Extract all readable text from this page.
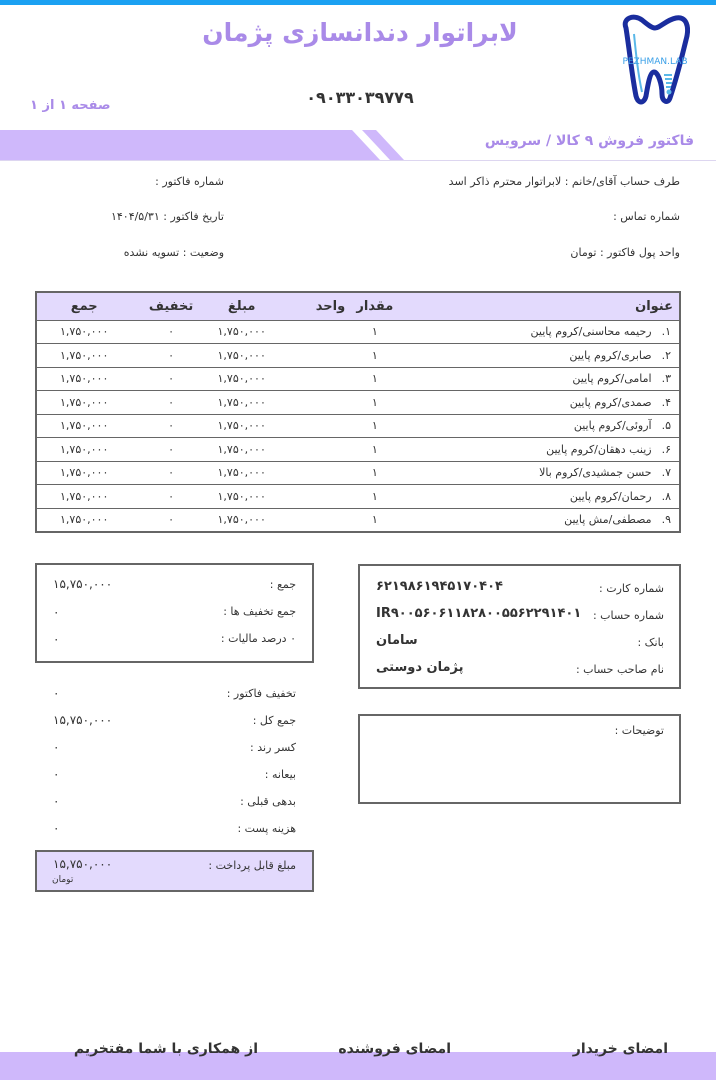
PEZHMAN.LAB
لابراتوار دندانسازی پژمان
۰۹۰۳۳۰۳۹۷۷۹
صفحه ۱ از ۱
فاکتور فروش ۹ کالا / سرویس
طرف حساب آقای/خانم : لابراتوار محترم ذاکر اسد
شماره تماس :
واحد پول فاکتور : تومان
شماره فاکتور :
تاریخ فاکتور : ۱۴۰۴/۵/۳۱
وضعیت : تسویه نشده
عنوان	مقدار	واحد	مبلغ	تخفیف	جمع
۱.رحیمه محاسنی/کروم پایین	۱		۱,۷۵۰,۰۰۰	۰	۱,۷۵۰,۰۰۰
۲.صابری/کروم پایین	۱		۱,۷۵۰,۰۰۰	۰	۱,۷۵۰,۰۰۰
۳.امامی/کروم پایین	۱		۱,۷۵۰,۰۰۰	۰	۱,۷۵۰,۰۰۰
۴.صمدی/کروم پایین	۱		۱,۷۵۰,۰۰۰	۰	۱,۷۵۰,۰۰۰
۵.آروئی/کروم پایین	۱		۱,۷۵۰,۰۰۰	۰	۱,۷۵۰,۰۰۰
۶.زینب دهقان/کروم پایین	۱		۱,۷۵۰,۰۰۰	۰	۱,۷۵۰,۰۰۰
۷.حسن جمشیدی/کروم بالا	۱		۱,۷۵۰,۰۰۰	۰	۱,۷۵۰,۰۰۰
۸.رحمان/کروم پایین	۱		۱,۷۵۰,۰۰۰	۰	۱,۷۵۰,۰۰۰
۹.مصطفی/مش پایین	۱		۱,۷۵۰,۰۰۰	۰	۱,۷۵۰,۰۰۰
جمع :
۱۵,۷۵۰,۰۰۰
جمع تخفیف ها :
۰
۰ درصد مالیات :
۰
تخفیف فاکتور :
۰
جمع کل :
۱۵,۷۵۰,۰۰۰
کسر رند :
۰
بیعانه :
۰
بدهی قبلی :
۰
هزینه پست :
۰
مبلغ قابل پرداخت :
۱۵,۷۵۰,۰۰۰
تومان
شماره کارت :
۶۲۱۹۸۶۱۹۴۵۱۷۰۴۰۴
شماره حساب :
IR۹۰۰۵۶۰۶۱۱۸۲۸۰۰۵۵۶۲۲۹۱۴۰۱
بانک :
سامان
نام صاحب حساب :
پژمان دوستی
توضیحات :
امضای خریدار
امضای فروشنده
از همکاری با شما مفتخریم
